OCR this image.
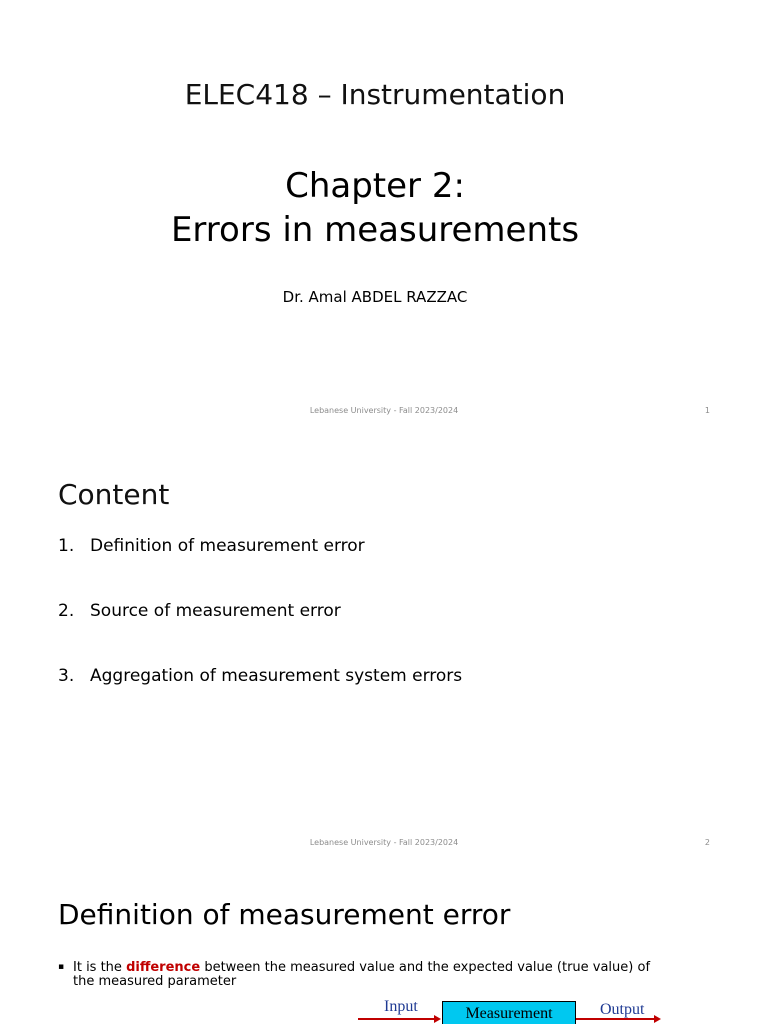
ELEC418 – Instrumentation
Chapter 2:
Errors in measurements
Dr. Amal ABDEL RAZZAC
Lebanese University - Fall 2023/2024	1
Content
1. Definition of measurement error
2. Source of measurement error
3. Aggregation of measurement system errors
Lebanese University - Fall 2023/2024	2
Definition of measurement error
▪ It is the difference between the measured value and the expected value (true value) of
the measured parameter
Input	Measurement	Output
